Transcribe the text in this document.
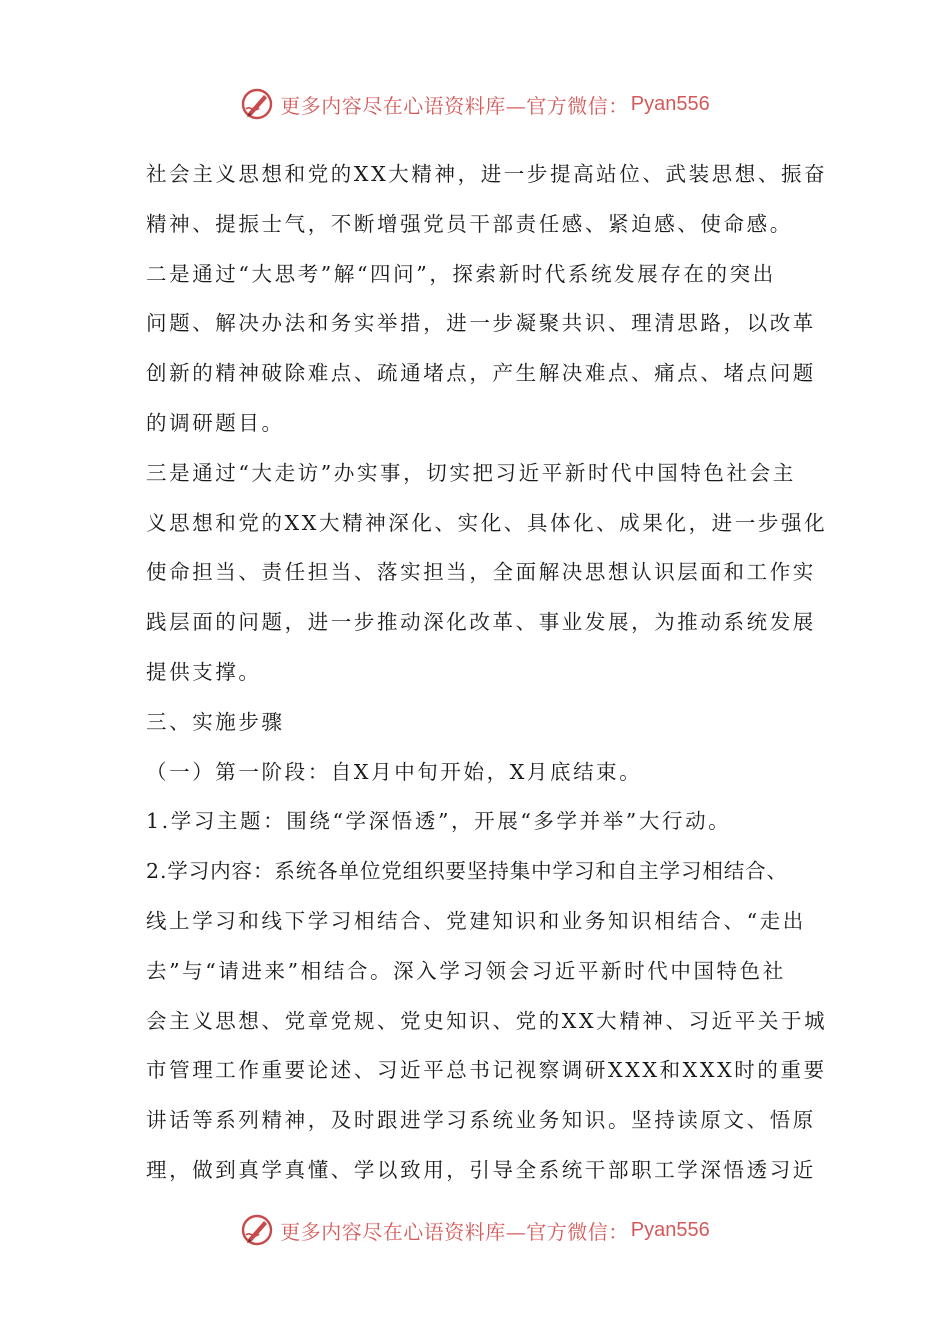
更多内容尽在心语资料库—官方微信： Pyan556
社会主义思想和党的XX大精神，进一步提高站位、武装思想、振奋
精神、提振士气，不断增强党员干部责任感、紧迫感、使命感。
二是通过“大思考”解“四问”，探索新时代系统发展存在的突出
问题、解决办法和务实举措，进一步凝聚共识、理清思路，以改革
创新的精神破除难点、疏通堵点，产生解决难点、痛点、堵点问题
的调研题目。
三是通过“大走访”办实事，切实把习近平新时代中国特色社会主
义思想和党的XX大精神深化、实化、具体化、成果化，进一步强化
使命担当、责任担当、落实担当，全面解决思想认识层面和工作实
践层面的问题，进一步推动深化改革、事业发展，为推动系统发展
提供支撑。
三、实施步骤
（一）第一阶段：自X月中旬开始，X月底结束。
1.学习主题：围绕“学深悟透”，开展“多学并举”大行动。
2.学习内容：系统各单位党组织要坚持集中学习和自主学习相结合、
线上学习和线下学习相结合、党建知识和业务知识相结合、“走出
去”与“请进来”相结合。深入学习领会习近平新时代中国特色社
会主义思想、党章党规、党史知识、党的XX大精神、习近平关于城
市管理工作重要论述、习近平总书记视察调研XXX和XXX时的重要
讲话等系列精神，及时跟进学习系统业务知识。坚持读原文、悟原
理，做到真学真懂、学以致用，引导全系统干部职工学深悟透习近
更多内容尽在心语资料库—官方微信： Pyan556
